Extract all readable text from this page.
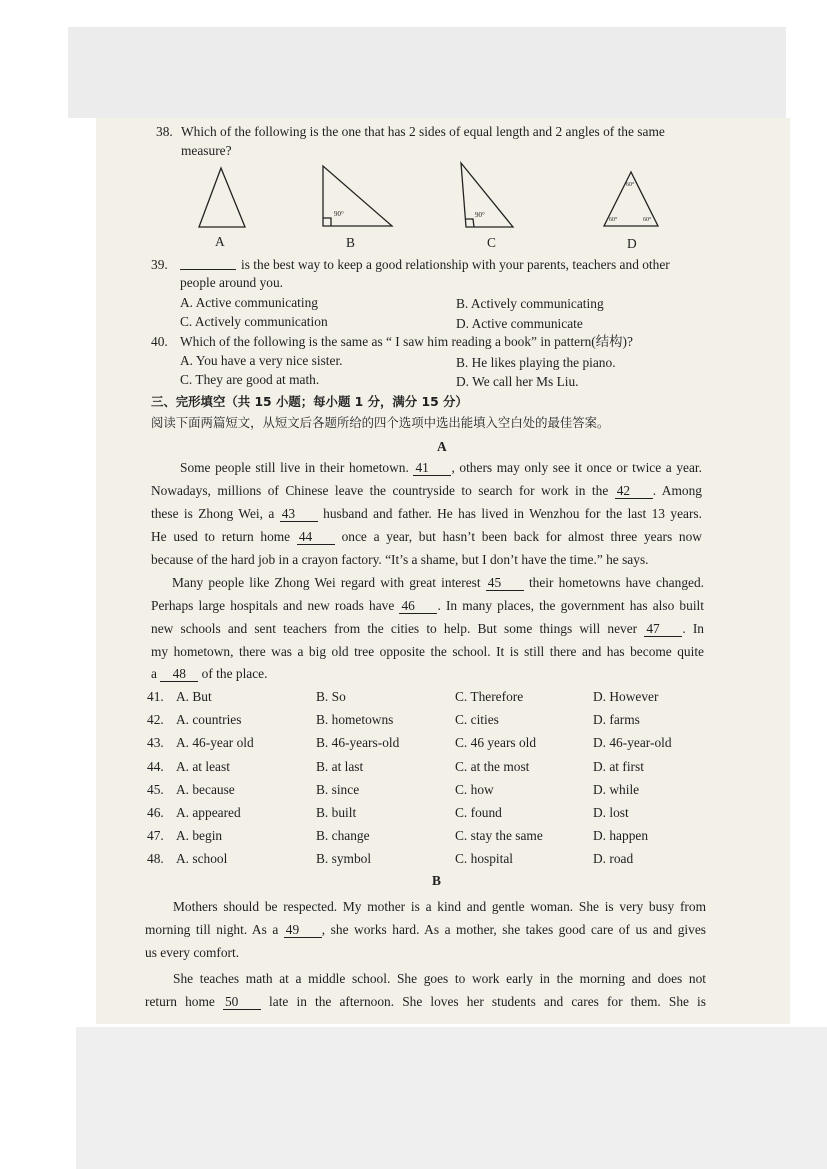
38. Which of the following is the one that has 2 sides of equal length and 2 angles of the same
measure?
90°	90°
60°
60°	60°
A	B	C	D
39.	is the best way to keep a good relationship with your parents, teachers and other
people around you.
A. Active communicating	B. Actively communicating
C. Actively communication	D. Active communicate
40. Which of the following is the same as “ I saw him reading a book” in pattern(结构)?
A. You have a very nice sister.	B. He likes playing the piano.
C. They are good at math.	D. We call her Ms Liu.
三、完形填空（共 15 小题；每小题 1 分，满分 15 分）
阅读下面两篇短文，从短文后各题所给的四个选项中选出能填入空白处的最佳答案。
A
Some people still live in their hometown. 41 , others may only see it once or twice a year.
Nowadays, millions of Chinese leave the countryside to search for work in the 42 . Among
these is Zhong Wei, a 43 husband and father. He has lived in Wenzhou for the last 13 years.
He used to return home 44 once a year, but hasn’t been back for almost three years now
because of the hard job in a crayon factory. “It’s a shame, but I don’t have the time.” he says.
Many people like Zhong Wei regard with great interest 45 their hometowns have changed.
Perhaps large hospitals and new roads have 46 . In many places, the government has also built
new schools and sent teachers from the cities to help. But some things will never 47 . In
my hometown, there was a big old tree opposite the school. It is still there and has become quite
a 48 of the place.
41. A. But	B. So	C. Therefore	D. However
42. A. countries	B. hometowns	C. cities	D. farms
43. A. 46-year old	B. 46-years-old	C. 46 years old	D. 46-year-old
44. A. at least	B. at last	C. at the most	D. at first
45. A. because	B. since	C. how	D. while
46. A. appeared	B. built	C. found	D. lost
47. A. begin	B. change	C. stay the same	D. happen
48. A. school	B. symbol	C. hospital	D. road
B
Mothers should be respected. My mother is a kind and gentle woman. She is very busy from
morning till night. As a 49 , she works hard. As a mother, she takes good care of us and gives
us every comfort.
She teaches math at a middle school. She goes to work early in the morning and does not
return home 50 late in the afternoon. She loves her students and cares for them. She is
